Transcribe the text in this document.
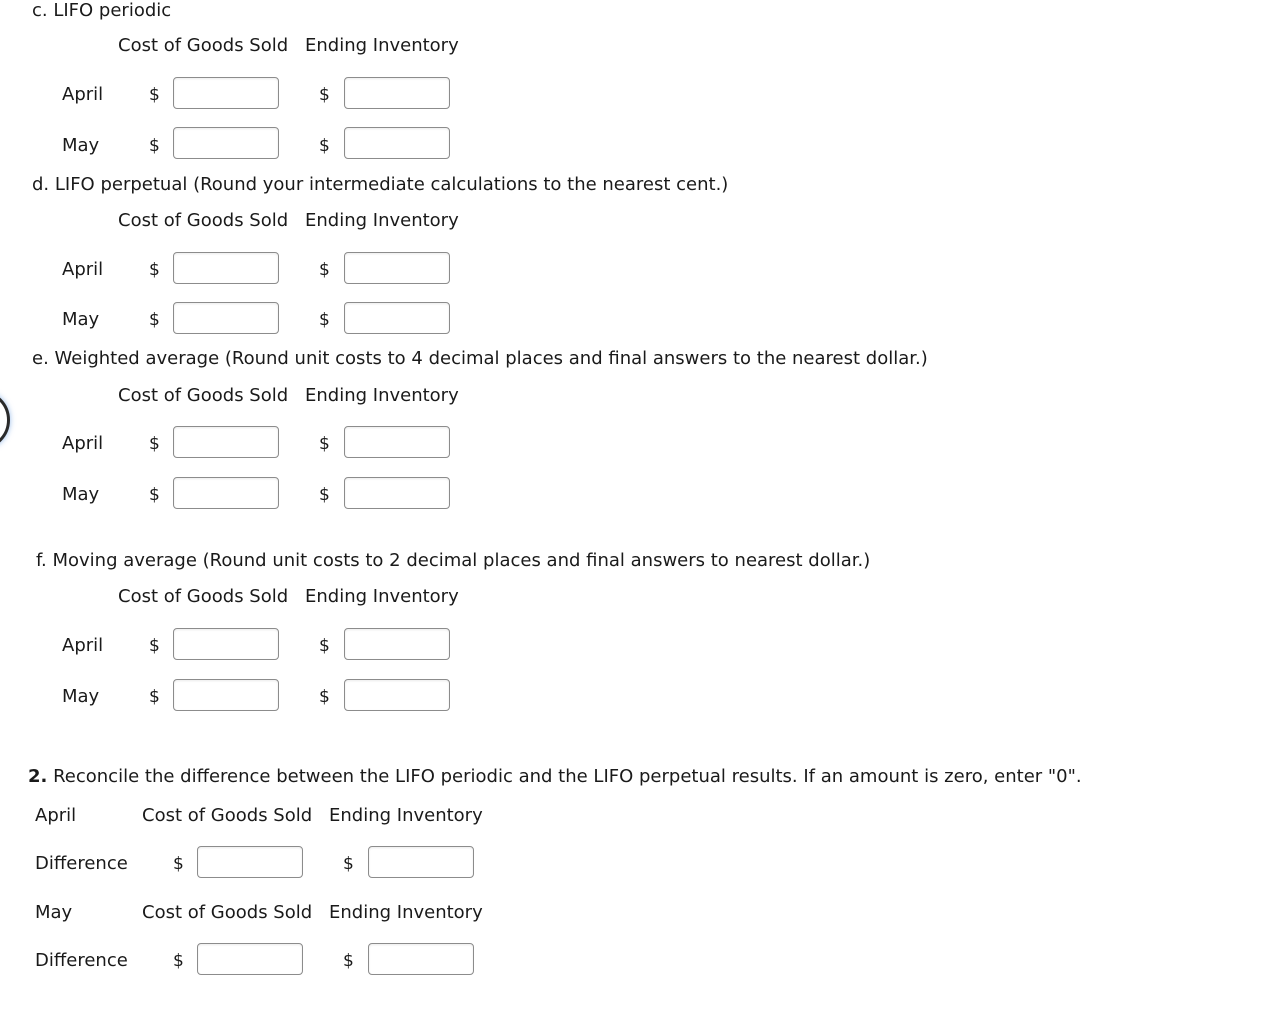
c. LIFO periodic
Cost of Goods Sold Ending Inventory
April	$	$
May	$	$
d. LIFO perpetual (Round your intermediate calculations to the nearest cent.)
Cost of Goods Sold Ending Inventory
April	$	$
May	$	$
e. Weighted average (Round unit costs to 4 decimal places and final answers to the nearest dollar.)
Cost of Goods Sold Ending Inventory
April	$	$
May	$	$
f. Moving average (Round unit costs to 2 decimal places and final answers to nearest dollar.)
Cost of Goods Sold Ending Inventory
April	$	$
May	$	$
2. Reconcile the difference between the LIFO periodic and the LIFO perpetual results. If an amount is zero, enter "0".
April	Cost of Goods Sold Ending Inventory
Difference	$	$
May	Cost of Goods Sold Ending Inventory
Difference	$	$
